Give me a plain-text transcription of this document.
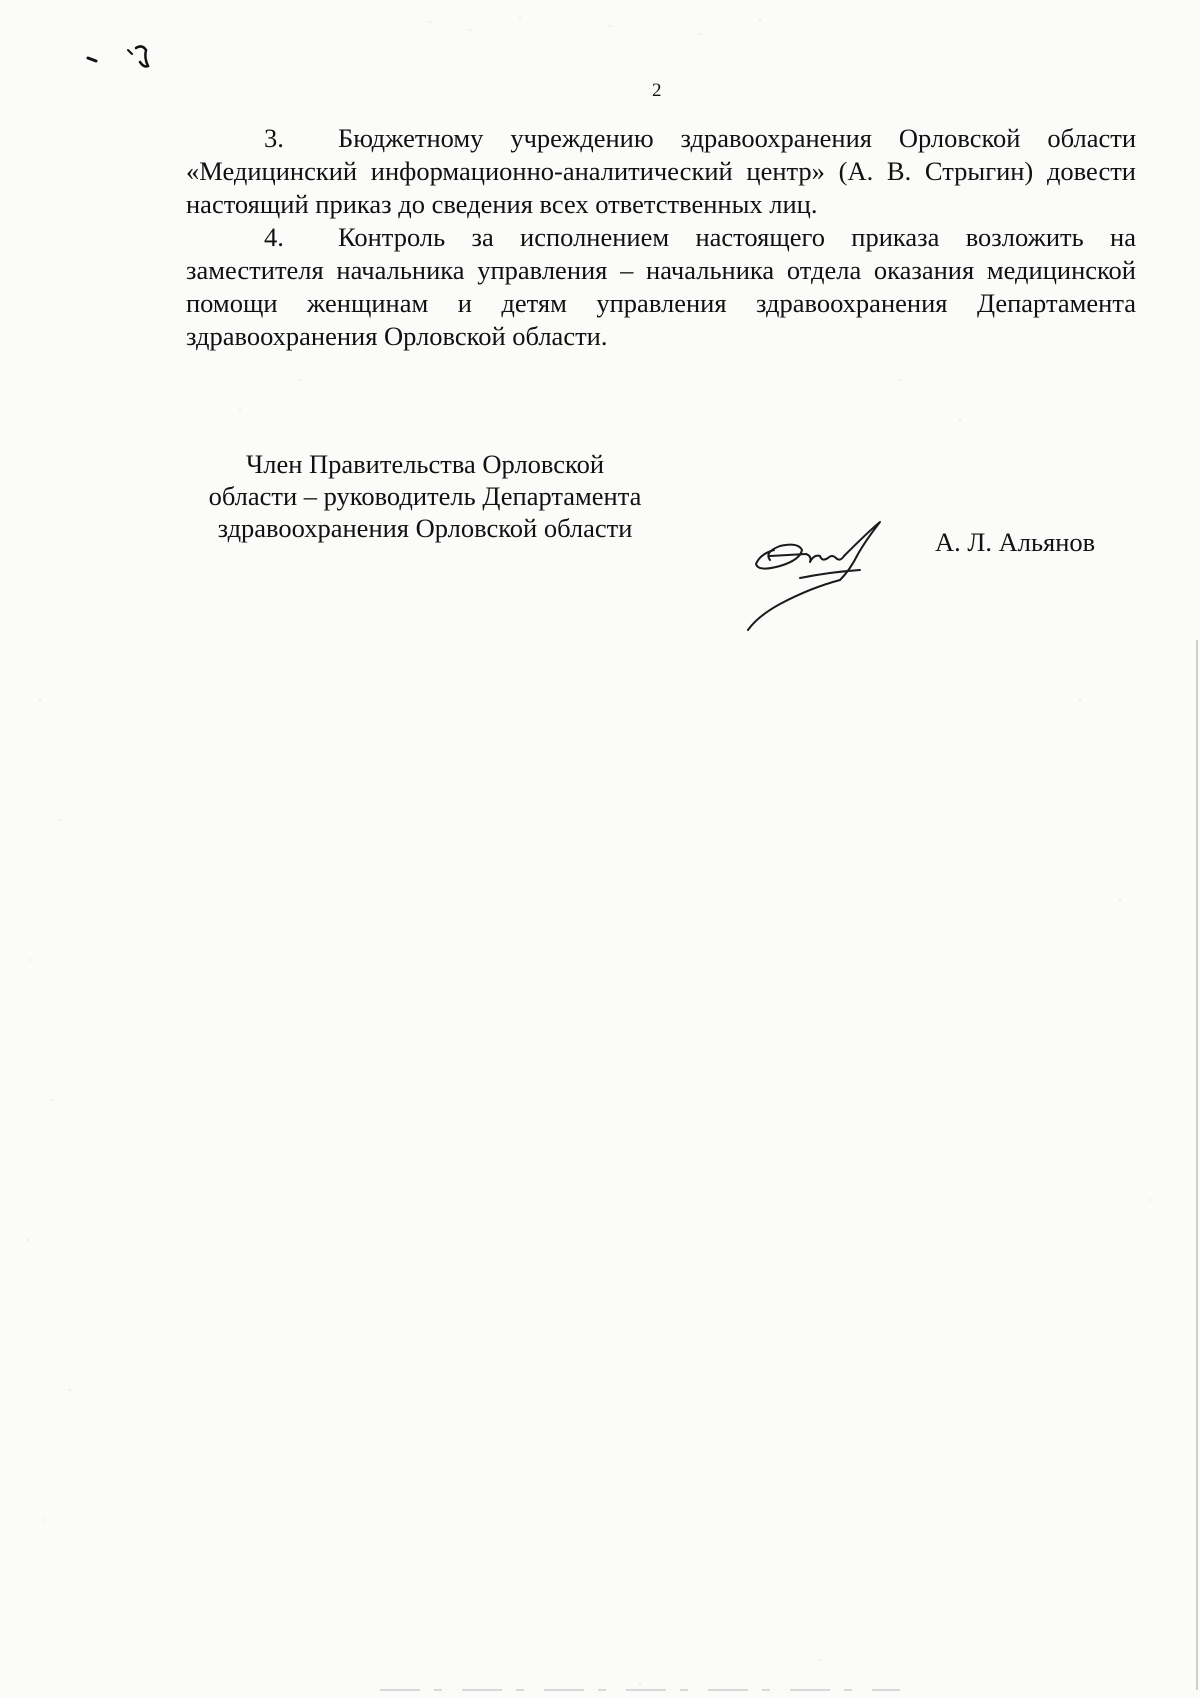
2

3. Бюджетному учреждению здравоохранения Орловской области «Медицинский информационно-аналитический центр» (А. В. Стрыгин) довести настоящий приказ до сведения всех ответственных лиц.

4. Контроль за исполнением настоящего приказа возложить на заместителя начальника управления – начальника отдела оказания медицинской помощи женщинам и детям управления здравоохранения Департамента здравоохранения Орловской области.

Член Правительства Орловской
области – руководитель Департамента
здравоохранения Орловской области	А. Л. Альянов
